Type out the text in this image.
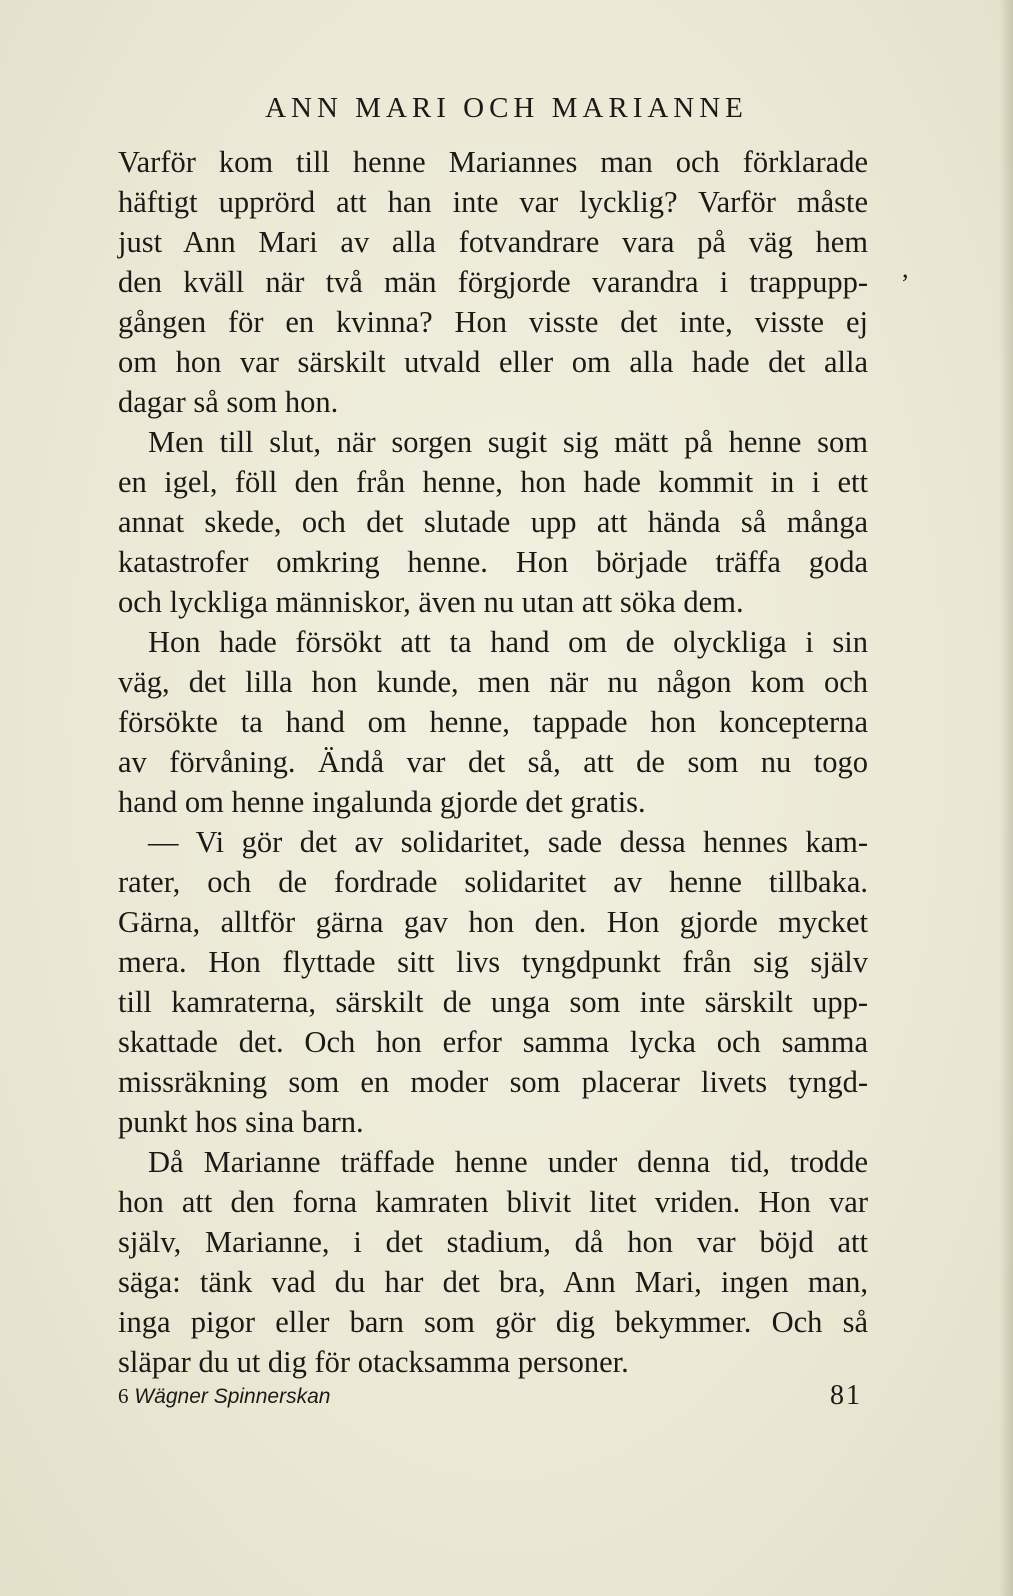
ANN MARI OCH MARIANNE
Varför kom till henne Mariannes man och förklarade
häftigt upprörd att han inte var lycklig? Varför måste
just Ann Mari av alla fotvandrare vara på väg hem
den kväll när två män förgjorde varandra i trappupp-
gången för en kvinna? Hon visste det inte, visste ej
om hon var särskilt utvald eller om alla hade det alla
dagar så som hon.
Men till slut, när sorgen sugit sig mätt på henne som
en igel, föll den från henne, hon hade kommit in i ett
annat skede, och det slutade upp att hända så många
katastrofer omkring henne. Hon började träffa goda
och lyckliga människor, även nu utan att söka dem.
Hon hade försökt att ta hand om de olyckliga i sin
väg, det lilla hon kunde, men när nu någon kom och
försökte ta hand om henne, tappade hon koncepterna
av förvåning. Ändå var det så, att de som nu togo
hand om henne ingalunda gjorde det gratis.
— Vi gör det av solidaritet, sade dessa hennes kam-
rater, och de fordrade solidaritet av henne tillbaka.
Gärna, alltför gärna gav hon den. Hon gjorde mycket
mera. Hon flyttade sitt livs tyngdpunkt från sig själv
till kamraterna, särskilt de unga som inte särskilt upp-
skattade det. Och hon erfor samma lycka och samma
missräkning som en moder som placerar livets tyngd-
punkt hos sina barn.
Då Marianne träffade henne under denna tid, trodde
hon att den forna kamraten blivit litet vriden. Hon var
själv, Marianne, i det stadium, då hon var böjd att
säga: tänk vad du har det bra, Ann Mari, ingen man,
inga pigor eller barn som gör dig bekymmer. Och så
släpar du ut dig för otacksamma personer.
,
6 Wägner Spinnerskan	81
